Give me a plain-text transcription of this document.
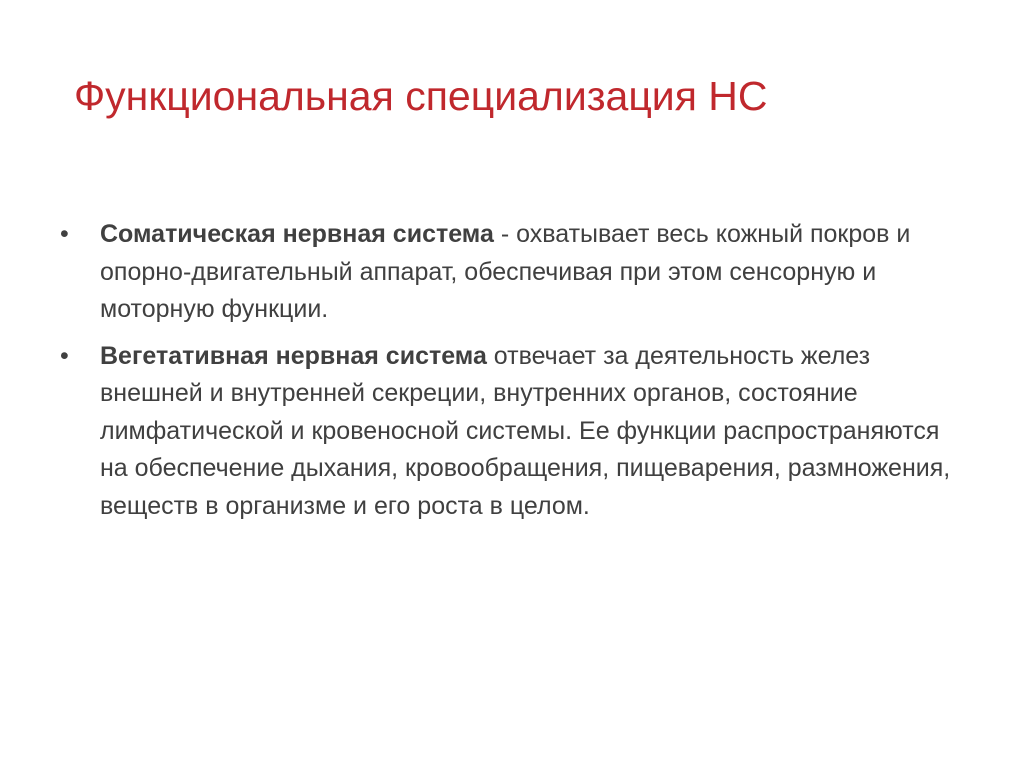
Функциональная специализация НС
• Соматическая нервная система - охватывает весь кожный покров и опорно-двигательный аппарат, обеспечивая при этом сенсорную и моторную функции.
• Вегетативная нервная система отвечает за деятельность желез внешней и внутренней секреции, внутренних органов, состояние лимфатической и кровеносной системы. Ее функции распространяются на обеспечение дыхания, кровообращения, пищеварения, размножения, веществ в организме и его роста в целом.
